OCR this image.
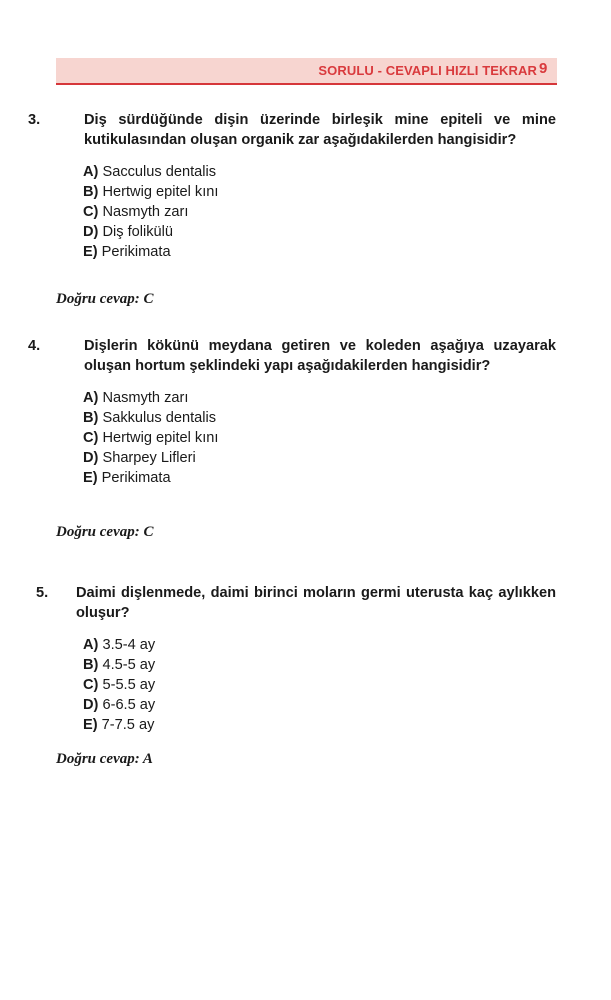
SORULU - CEVAPLI HIZLI TEKRAR 9
3.	Diş sürdüğünde dişin üzerinde birleşik mine epiteli ve mine kutikulasından oluşan organik zar aşağıdakilerden hangisidir?
A) Sacculus dentalis
B) Hertwig epitel kını
C) Nasmyth zarı
D) Diş folikülü
E) Perikimata
Doğru cevap: C
4.	Dişlerin kökünü meydana getiren ve koleden aşağıya uzayarak oluşan hortum şeklindeki yapı aşağıdakilerden hangisidir?
A) Nasmyth zarı
B) Sakkulus dentalis
C) Hertwig epitel kını
D) Sharpey Lifleri
E) Perikimata
Doğru cevap: C
5. Daimi dişlenmede, daimi birinci moların germi uterusta kaç aylıkken oluşur?
A) 3.5-4 ay
B) 4.5-5 ay
C) 5-5.5 ay
D) 6-6.5 ay
E) 7-7.5 ay
Doğru cevap: A
